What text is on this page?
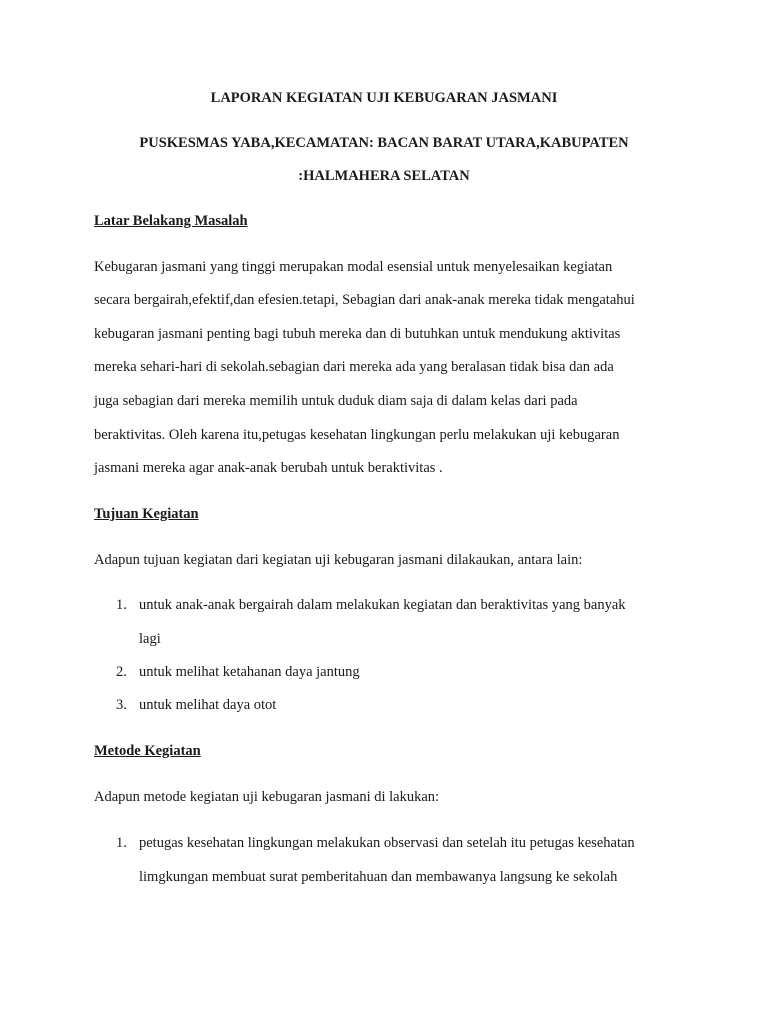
LAPORAN KEGIATAN UJI KEBUGARAN JASMANI
PUSKESMAS YABA,KECAMATAN: BACAN BARAT UTARA,KABUPATEN
:HALMAHERA SELATAN
Latar Belakang Masalah
Kebugaran jasmani yang tinggi merupakan modal esensial untuk menyelesaikan kegiatan
secara bergairah,efektif,dan efesien.tetapi, Sebagian dari anak-anak mereka tidak mengatahui
kebugaran jasmani penting bagi tubuh mereka dan di butuhkan untuk mendukung aktivitas
mereka sehari-hari di sekolah.sebagian dari mereka ada yang beralasan tidak bisa dan ada
juga sebagian dari mereka memilih untuk duduk diam saja di dalam kelas dari pada
beraktivitas. Oleh karena itu,petugas kesehatan lingkungan perlu melakukan uji kebugaran
jasmani mereka agar anak-anak berubah untuk beraktivitas .
Tujuan Kegiatan
Adapun tujuan kegiatan dari kegiatan uji kebugaran jasmani dilakaukan, antara lain:
1. untuk anak-anak bergairah dalam melakukan kegiatan dan beraktivitas yang banyak
lagi
2. untuk melihat ketahanan daya jantung
3. untuk melihat daya otot
Metode Kegiatan
Adapun metode kegiatan uji kebugaran jasmani di lakukan:
1. petugas kesehatan lingkungan melakukan observasi dan setelah itu petugas kesehatan
limgkungan membuat surat pemberitahuan dan membawanya langsung ke sekolah
